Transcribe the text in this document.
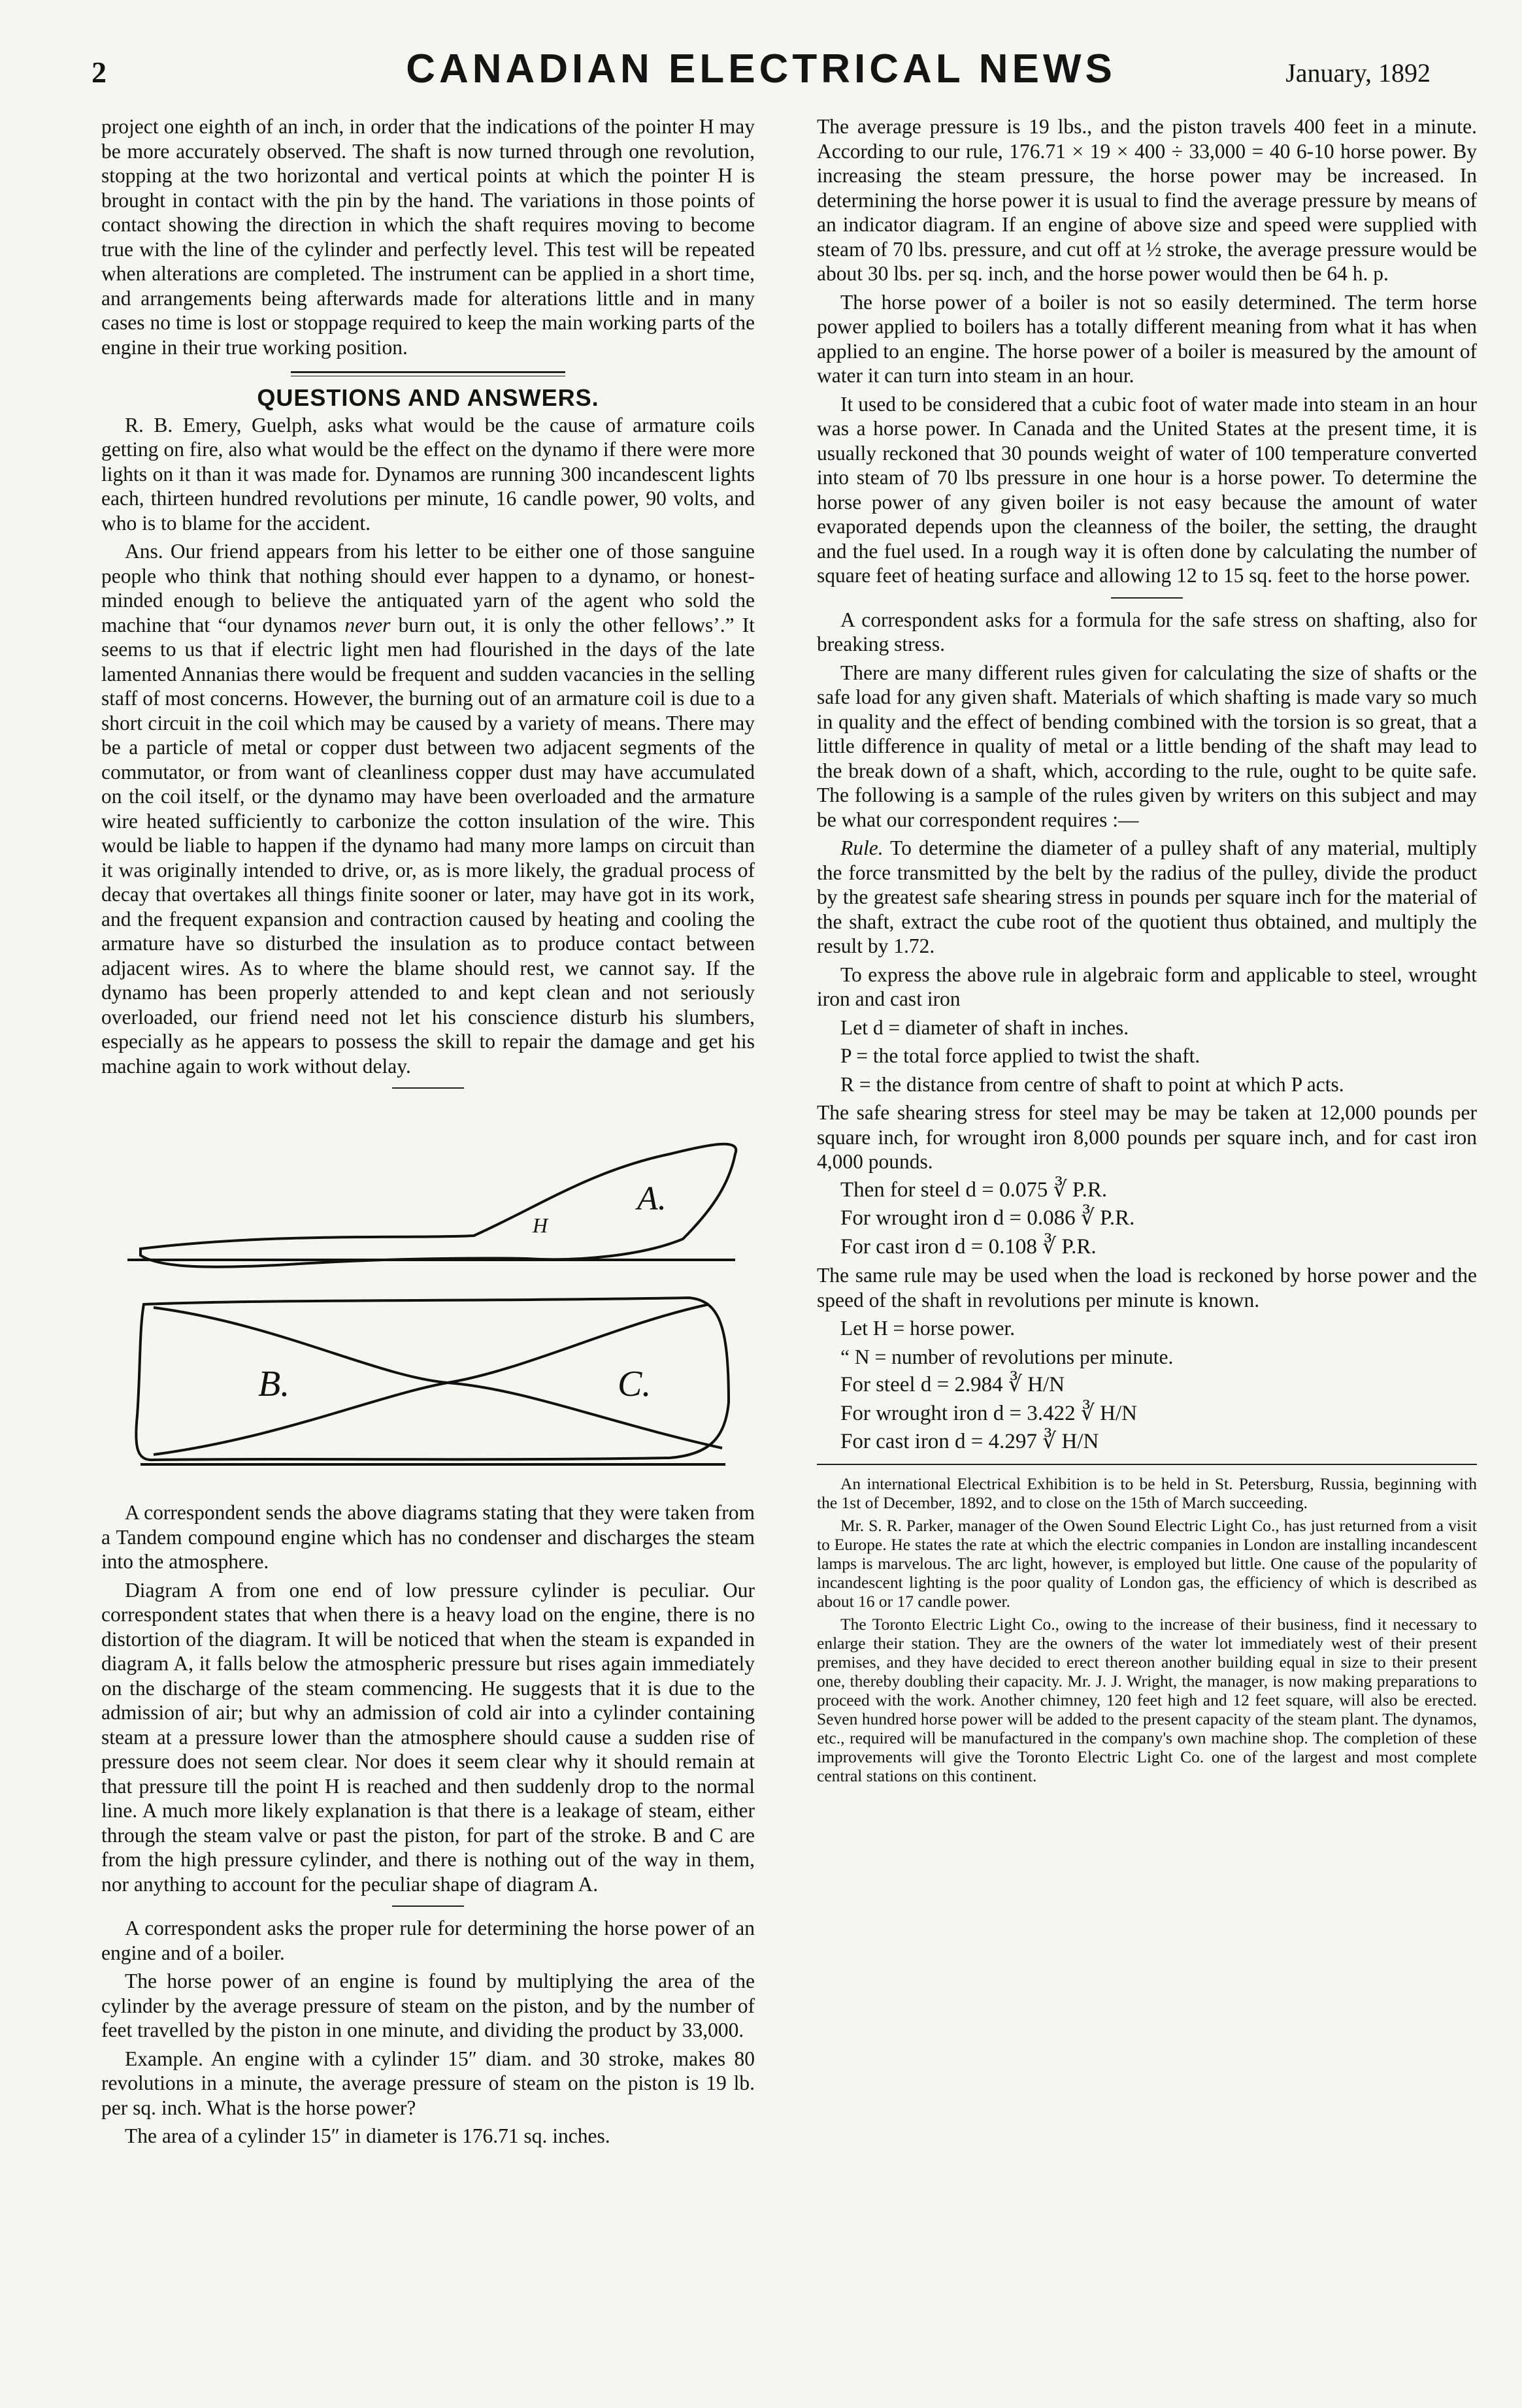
2	CANADIAN ELECTRICAL NEWS	January, 1892

project one eighth of an inch, in order that the indications of the pointer H may be more accurately observed. The shaft is now turned through one revolution, stopping at the two horizontal and vertical points at which the pointer H is brought in contact with the pin by the hand. The variations in those points of contact showing the direction in which the shaft requires moving to become true with the line of the cylinder and perfectly level. This test will be repeated when alterations are completed. The instrument can be applied in a short time, and arrangements being afterwards made for alterations little and in many cases no time is lost or stoppage required to keep the main working parts of the engine in their true working position.

QUESTIONS AND ANSWERS.

R. B. Emery, Guelph, asks what would be the cause of armature coils getting on fire, also what would be the effect on the dynamo if there were more lights on it than it was made for. Dynamos are running 300 incandescent lights each, thirteen hundred revolutions per minute, 16 candle power, 90 volts, and who is to blame for the accident.

Ans. Our friend appears from his letter to be either one of those sanguine people who think that nothing should ever happen to a dynamo, or honest-minded enough to believe the antiquated yarn of the agent who sold the machine that “our dynamos never burn out, it is only the other fellows’.” It seems to us that if electric light men had flourished in the days of the late lamented Annanias there would be frequent and sudden vacancies in the selling staff of most concerns. However, the burning out of an armature coil is due to a short circuit in the coil which may be caused by a variety of means. There may be a particle of metal or copper dust between two adjacent segments of the commutator, or from want of cleanliness copper dust may have accumulated on the coil itself, or the dynamo may have been overloaded and the armature wire heated sufficiently to carbonize the cotton insulation of the wire. This would be liable to happen if the dynamo had many more lamps on circuit than it was originally intended to drive, or, as is more likely, the gradual process of decay that overtakes all things finite sooner or later, may have got in its work, and the frequent expansion and contraction caused by heating and cooling the armature have so disturbed the insulation as to produce contact between adjacent wires. As to where the blame should rest, we cannot say. If the dynamo has been properly attended to and kept clean and not seriously overloaded, our friend need not let his conscience disturb his slumbers, especially as he appears to possess the skill to repair the damage and get his machine again to work without delay.

H
A.
B.	C.

A correspondent sends the above diagrams stating that they were taken from a Tandem compound engine which has no condenser and discharges the steam into the atmosphere.

Diagram A from one end of low pressure cylinder is peculiar. Our correspondent states that when there is a heavy load on the engine, there is no distortion of the diagram. It will be noticed that when the steam is expanded in diagram A, it falls below the atmospheric pressure but rises again immediately on the discharge of the steam commencing. He suggests that it is due to the admission of air; but why an admission of cold air into a cylinder containing steam at a pressure lower than the atmosphere should cause a sudden rise of pressure does not seem clear. Nor does it seem clear why it should remain at that pressure till the point H is reached and then suddenly drop to the normal line. A much more likely explanation is that there is a leakage of steam, either through the steam valve or past the piston, for part of the stroke. B and C are from the high pressure cylinder, and there is nothing out of the way in them, nor anything to account for the peculiar shape of diagram A.

A correspondent asks the proper rule for determining the horse power of an engine and of a boiler.

The horse power of an engine is found by multiplying the area of the cylinder by the average pressure of steam on the piston, and by the number of feet travelled by the piston in one minute, and dividing the product by 33,000.

Example. An engine with a cylinder 15″ diam. and 30 stroke, makes 80 revolutions in a minute, the average pressure of steam on the piston is 19 lb. per sq. inch. What is the horse power?

The area of a cylinder 15″ in diameter is 176.71 sq. inches.

The average pressure is 19 lbs., and the piston travels 400 feet in a minute. According to our rule, 176.71 × 19 × 400 ÷ 33,000 = 40 6-10 horse power. By increasing the steam pressure, the horse power may be increased. In determining the horse power it is usual to find the average pressure by means of an indicator diagram. If an engine of above size and speed were supplied with steam of 70 lbs. pressure, and cut off at ½ stroke, the average pressure would be about 30 lbs. per sq. inch, and the horse power would then be 64 h. p.

The horse power of a boiler is not so easily determined. The term horse power applied to boilers has a totally different meaning from what it has when applied to an engine. The horse power of a boiler is measured by the amount of water it can turn into steam in an hour.

It used to be considered that a cubic foot of water made into steam in an hour was a horse power. In Canada and the United States at the present time, it is usually reckoned that 30 pounds weight of water of 100 temperature converted into steam of 70 lbs pressure in one hour is a horse power. To determine the horse power of any given boiler is not easy because the amount of water evaporated depends upon the cleanness of the boiler, the setting, the draught and the fuel used. In a rough way it is often done by calculating the number of square feet of heating surface and allowing 12 to 15 sq. feet to the horse power.

A correspondent asks for a formula for the safe stress on shafting, also for breaking stress.

There are many different rules given for calculating the size of shafts or the safe load for any given shaft. Materials of which shafting is made vary so much in quality and the effect of bending combined with the torsion is so great, that a little difference in quality of metal or a little bending of the shaft may lead to the break down of a shaft, which, according to the rule, ought to be quite safe. The following is a sample of the rules given by writers on this subject and may be what our correspondent requires :—

Rule. To determine the diameter of a pulley shaft of any material, multiply the force transmitted by the belt by the radius of the pulley, divide the product by the greatest safe shearing stress in pounds per square inch for the material of the shaft, extract the cube root of the quotient thus obtained, and multiply the result by 1.72.

To express the above rule in algebraic form and applicable to steel, wrought iron and cast iron

Let d = diameter of shaft in inches.

P = the total force applied to twist the shaft.

R = the distance from centre of shaft to point at which P acts.

The safe shearing stress for steel may be may be taken at 12,000 pounds per square inch, for wrought iron 8,000 pounds per square inch, and for cast iron 4,000 pounds.

Then for steel d = 0.075 ∛ P.R.

For wrought iron d = 0.086 ∛ P.R.

For cast iron d = 0.108 ∛ P.R.

The same rule may be used when the load is reckoned by horse power and the speed of the shaft in revolutions per minute is known.

Let H = horse power.

“ N = number of revolutions per minute.

For steel d = 2.984 ∛ H/N

For wrought iron d = 3.422 ∛ H/N

For cast iron d = 4.297 ∛ H/N

An international Electrical Exhibition is to be held in St. Petersburg, Russia, beginning with the 1st of December, 1892, and to close on the 15th of March succeeding.

Mr. S. R. Parker, manager of the Owen Sound Electric Light Co., has just returned from a visit to Europe. He states the rate at which the electric companies in London are installing incandescent lamps is marvelous. The arc light, however, is employed but little. One cause of the popularity of incandescent lighting is the poor quality of London gas, the efficiency of which is described as about 16 or 17 candle power.

The Toronto Electric Light Co., owing to the increase of their business, find it necessary to enlarge their station. They are the owners of the water lot immediately west of their present premises, and they have decided to erect thereon another building equal in size to their present one, thereby doubling their capacity. Mr. J. J. Wright, the manager, is now making preparations to proceed with the work. Another chimney, 120 feet high and 12 feet square, will also be erected. Seven hundred horse power will be added to the present capacity of the steam plant. The dynamos, etc., required will be manufactured in the company's own machine shop. The completion of these improvements will give the Toronto Electric Light Co. one of the largest and most complete central stations on this continent.
